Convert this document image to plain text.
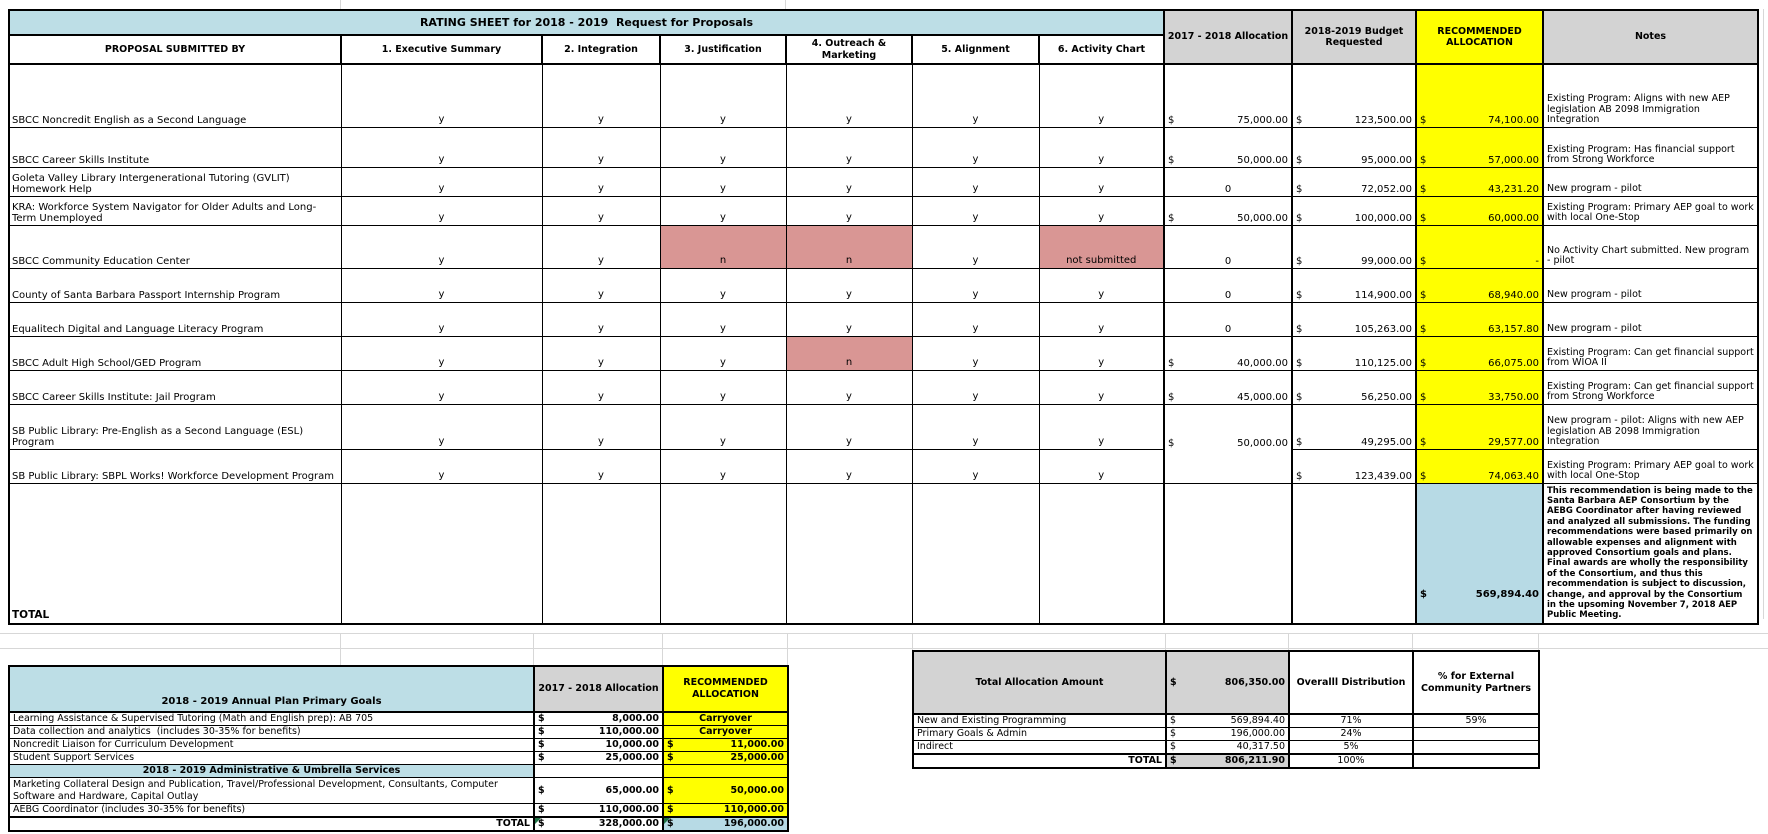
RATING SHEET for 2018 - 2019  Request for Proposals							2017 - 2018 Allocation	2018-2019 Budget Requested	RECOMMENDED ALLOCATION	Notes
PROPOSAL SUBMITTED BY	1. Executive Summary	2. Integration	3. Justification	4. Outreach & Marketing	5. Alignment	6. Activity Chart				
SBCC Noncredit English as a Second Language	y	y	y	y	y	y	$ 75,000.00	$ 123,500.00	$ 74,100.00	Existing Program: Aligns with new AEP legislation AB 2098 Immigration Integration
SBCC Career Skills Institute	y	y	y	y	y	y	$ 50,000.00	$ 95,000.00	$ 57,000.00	Existing Program: Has financial support from Strong Workforce
Goleta Valley Library Intergenerational Tutoring (GVLIT) Homework Help	y	y	y	y	y	y	0	$ 72,052.00	$ 43,231.20	New program - pilot
KRA: Workforce System Navigator for Older Adults and Long-Term Unemployed	y	y	y	y	y	y	$ 50,000.00	$ 100,000.00	$ 60,000.00	Existing Program: Primary AEP goal to work with local One-Stop
SBCC Community Education Center	y	y	n	n	y	not submitted	0	$ 99,000.00	$ -	No Activity Chart submitted. New program - pilot
County of Santa Barbara Passport Internship Program	y	y	y	y	y	y	0	$ 114,900.00	$ 68,940.00	New program - pilot
Equalitech Digital and Language Literacy Program	y	y	y	y	y	y	0	$ 105,263.00	$ 63,157.80	New program - pilot
SBCC Adult High School/GED Program	y	y	y	n	y	y	$ 40,000.00	$ 110,125.00	$ 66,075.00	Existing Program: Can get financial support from WIOA II
SBCC Career Skills Institute: Jail Program	y	y	y	y	y	y	$ 45,000.00	$ 56,250.00	$ 33,750.00	Existing Program: Can get financial support from Strong Workforce
SB Public Library: Pre-English as a Second Language (ESL) Program	y	y	y	y	y	y	$ 50,000.00	$ 49,295.00	$ 29,577.00	New program - pilot: Aligns with new AEP legislation AB 2098 Immigration Integration
SB Public Library: SBPL Works! Workforce Development Program	y	y	y	y	y	y		$ 123,439.00	$ 74,063.40	Existing Program: Primary AEP goal to work with local One-Stop
TOTAL									$ 569,894.40	This recommendation is being made to the Santa Barbara AEP Consortium by the AEBG Coordinator after having reviewed and analyzed all submissions. The funding recommendations were based primarily on allowable expenses and alignment with approved Consortium goals and plans. Final awards are wholly the responsibility of the Consortium, and thus this recommendation is subject to discussion, change, and approval by the Consortium in the upsoming November 7, 2018 AEP Public Meeting.
2018 - 2019 Annual Plan Primary Goals	2017 - 2018 Allocation	RECOMMENDED ALLOCATION
Learning Assistance & Supervised Tutoring (Math and English prep): AB 705	$ 8,000.00	Carryover

Data collection and analytics  (includes 30-35% for benefits)	$ 110,000.00	Carryover

Noncredit Liaison for Curriculum Development	$ 10,000.00	$ 11,000.00

Student Support Services	$ 25,000.00	$ 25,000.00

2018 - 2019 Administrative & Umbrella Services		
Marketing Collateral Design and Publication, Travel/Professional Development, Consultants, Computer Software and Hardware, Capital Outlay	$ 65,000.00	$ 50,000.00

AEBG Coordinator (includes 30-35% for benefits)	$ 110,000.00	$ 110,000.00

TOTAL	$ 328,000.00	$ 196,000.00
Total Allocation Amount	$ 806,350.00	Overalll Distribution	% for External Community Partners
New and Existing Programming	$ 569,894.40	71%	59%
Primary Goals & Admin	$ 196,000.00	24%	
Indirect	$ 40,317.50	5%	
TOTAL	$ 806,211.90	100%	
